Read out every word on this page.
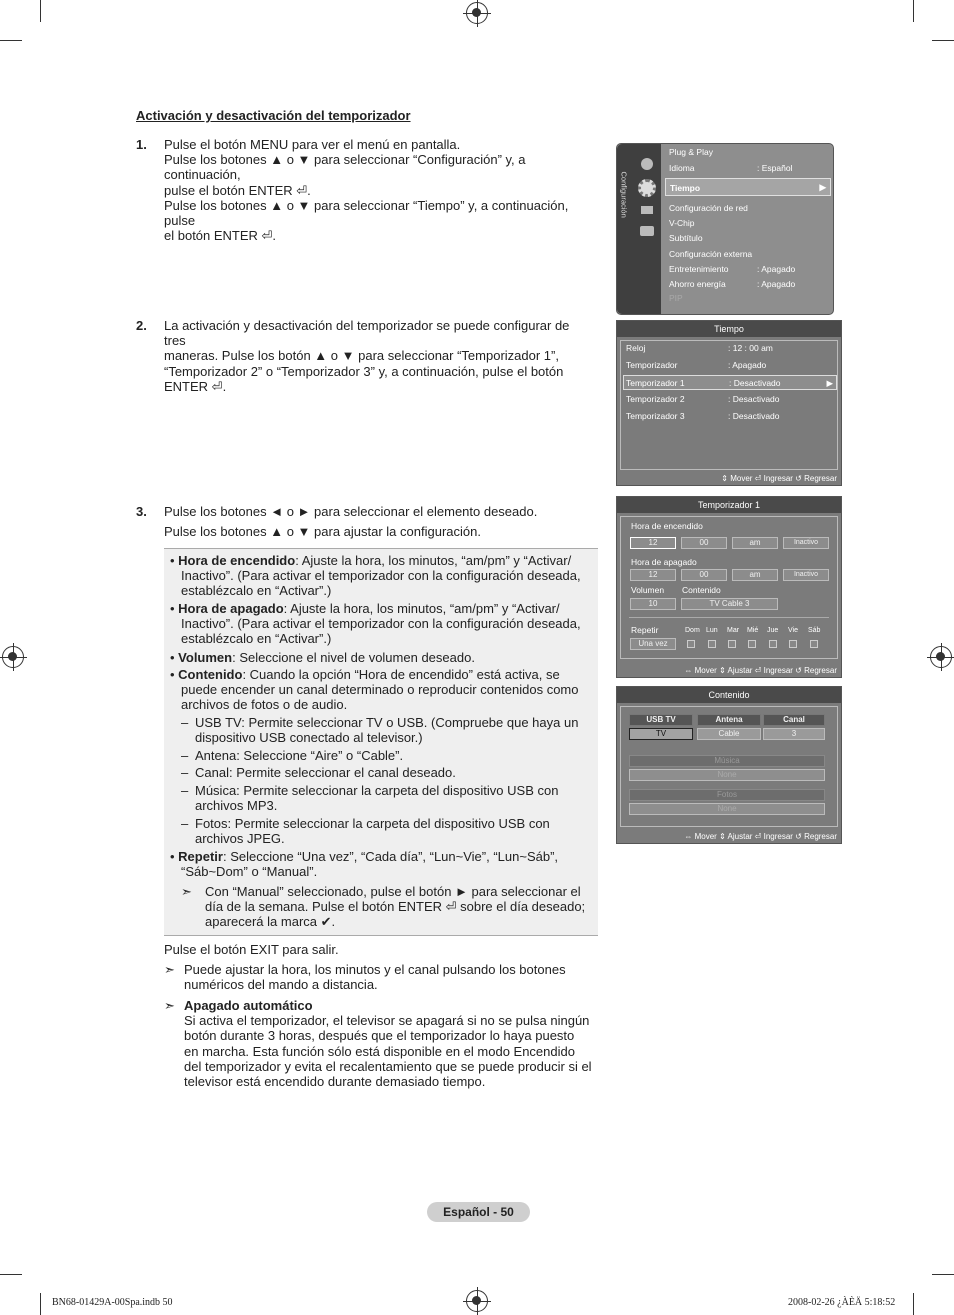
Activación y desactivación del temporizador
1. Pulse el botón MENU para ver el menú en pantalla.
Pulse los botones ▲ o ▼ para seleccionar “Configuración” y, a continuación,
pulse el botón ENTER ⏎.
Pulse los botones ▲ o ▼ para seleccionar “Tiempo” y, a continuación, pulse
el botón ENTER ⏎.
2. La activación y desactivación del temporizador se puede configurar de tres
maneras. Pulse los botón ▲ o ▼ para seleccionar “Temporizador 1”,
“Temporizador 2” o “Temporizador 3” y, a continuación, pulse el botón
ENTER ⏎.
3. Pulse los botones ◄ o ► para seleccionar el elemento deseado.
Pulse los botones ▲ o ▼ para ajustar la configuración.
• Hora de encendido: Ajuste la hora, los minutos, “am/pm” y “Activar/
Inactivo”. (Para activar el temporizador con la configuración deseada,
establézcalo en “Activar”.)
• Hora de apagado: Ajuste la hora, los minutos, “am/pm” y “Activar/
Inactivo”. (Para activar el temporizador con la configuración deseada,
establézcalo en “Activar”.)
• Volumen: Seleccione el nivel de volumen deseado.
• Contenido: Cuando la opción “Hora de encendido” está activa, se
puede encender un canal determinado o reproducir contenidos como
archivos de fotos o de audio.
– USB TV: Permite seleccionar TV o USB. (Compruebe que haya un
dispositivo USB conectado al televisor.)
– Antena: Seleccione “Aire” o “Cable”.
– Canal: Permite seleccionar el canal deseado.
– Música: Permite seleccionar la carpeta del dispositivo USB con
archivos MP3.
– Fotos: Permite seleccionar la carpeta del dispositivo USB con
archivos JPEG.
• Repetir: Seleccione “Una vez”, “Cada día”, “Lun~Vie”, “Lun~Sáb”,
“Sáb~Dom” o “Manual”.
➣ Con “Manual” seleccionado, pulse el botón ► para seleccionar el
día de la semana. Pulse el botón ENTER ⏎ sobre el día deseado;
aparecerá la marca ✔.
Pulse el botón EXIT para salir.
➣ Puede ajustar la hora, los minutos y el canal pulsando los botones
numéricos del mando a distancia.
➣ Apagado automático
Si activa el temporizador, el televisor se apagará si no se pulsa ningún
botón durante 3 horas, después que el temporizador lo haya puesto
en marcha. Esta función sólo está disponible en el modo Encendido
del temporizador y evita el recalentamiento que se puede producir si el
televisor está encendido durante demasiado tiempo.
Configuración
Plug & Play
Idioma	: Español
Tiempo	▶
Configuración de red
V-Chip
Subtítulo
Configuración externa
Entretenimiento	: Apagado
Ahorro energía	: Apagado
PIP
Tiempo
Reloj	: 12 : 00 am
Temporizador	: Apagado
Temporizador 1	: Desactivado	▶
Temporizador 2	: Desactivado
Temporizador 3	: Desactivado
⇕ Mover ⏎ Ingresar ↺ Regresar
Temporizador 1
Hora de encendido
12	00	am	Inactivo
Hora de apagado
12	00	am	Inactivo
Volumen Contenido
10	TV Cable 3
Repetir
Una vez
Dom Lun Mar Mié Jue Vie Sáb
⇔ Mover ⇕ Ajustar ⏎ Ingresar ↺ Regresar
Contenido
USB TV	Antena	Canal
TV	Cable	3
Música
None
Fotos
None
⇔ Mover ⇕ Ajustar ⏎ Ingresar ↺ Regresar
Español - 50
BN68-01429A-00Spa.indb 50	2008-02-26 ¿ÀÈÄ 5:18:52
